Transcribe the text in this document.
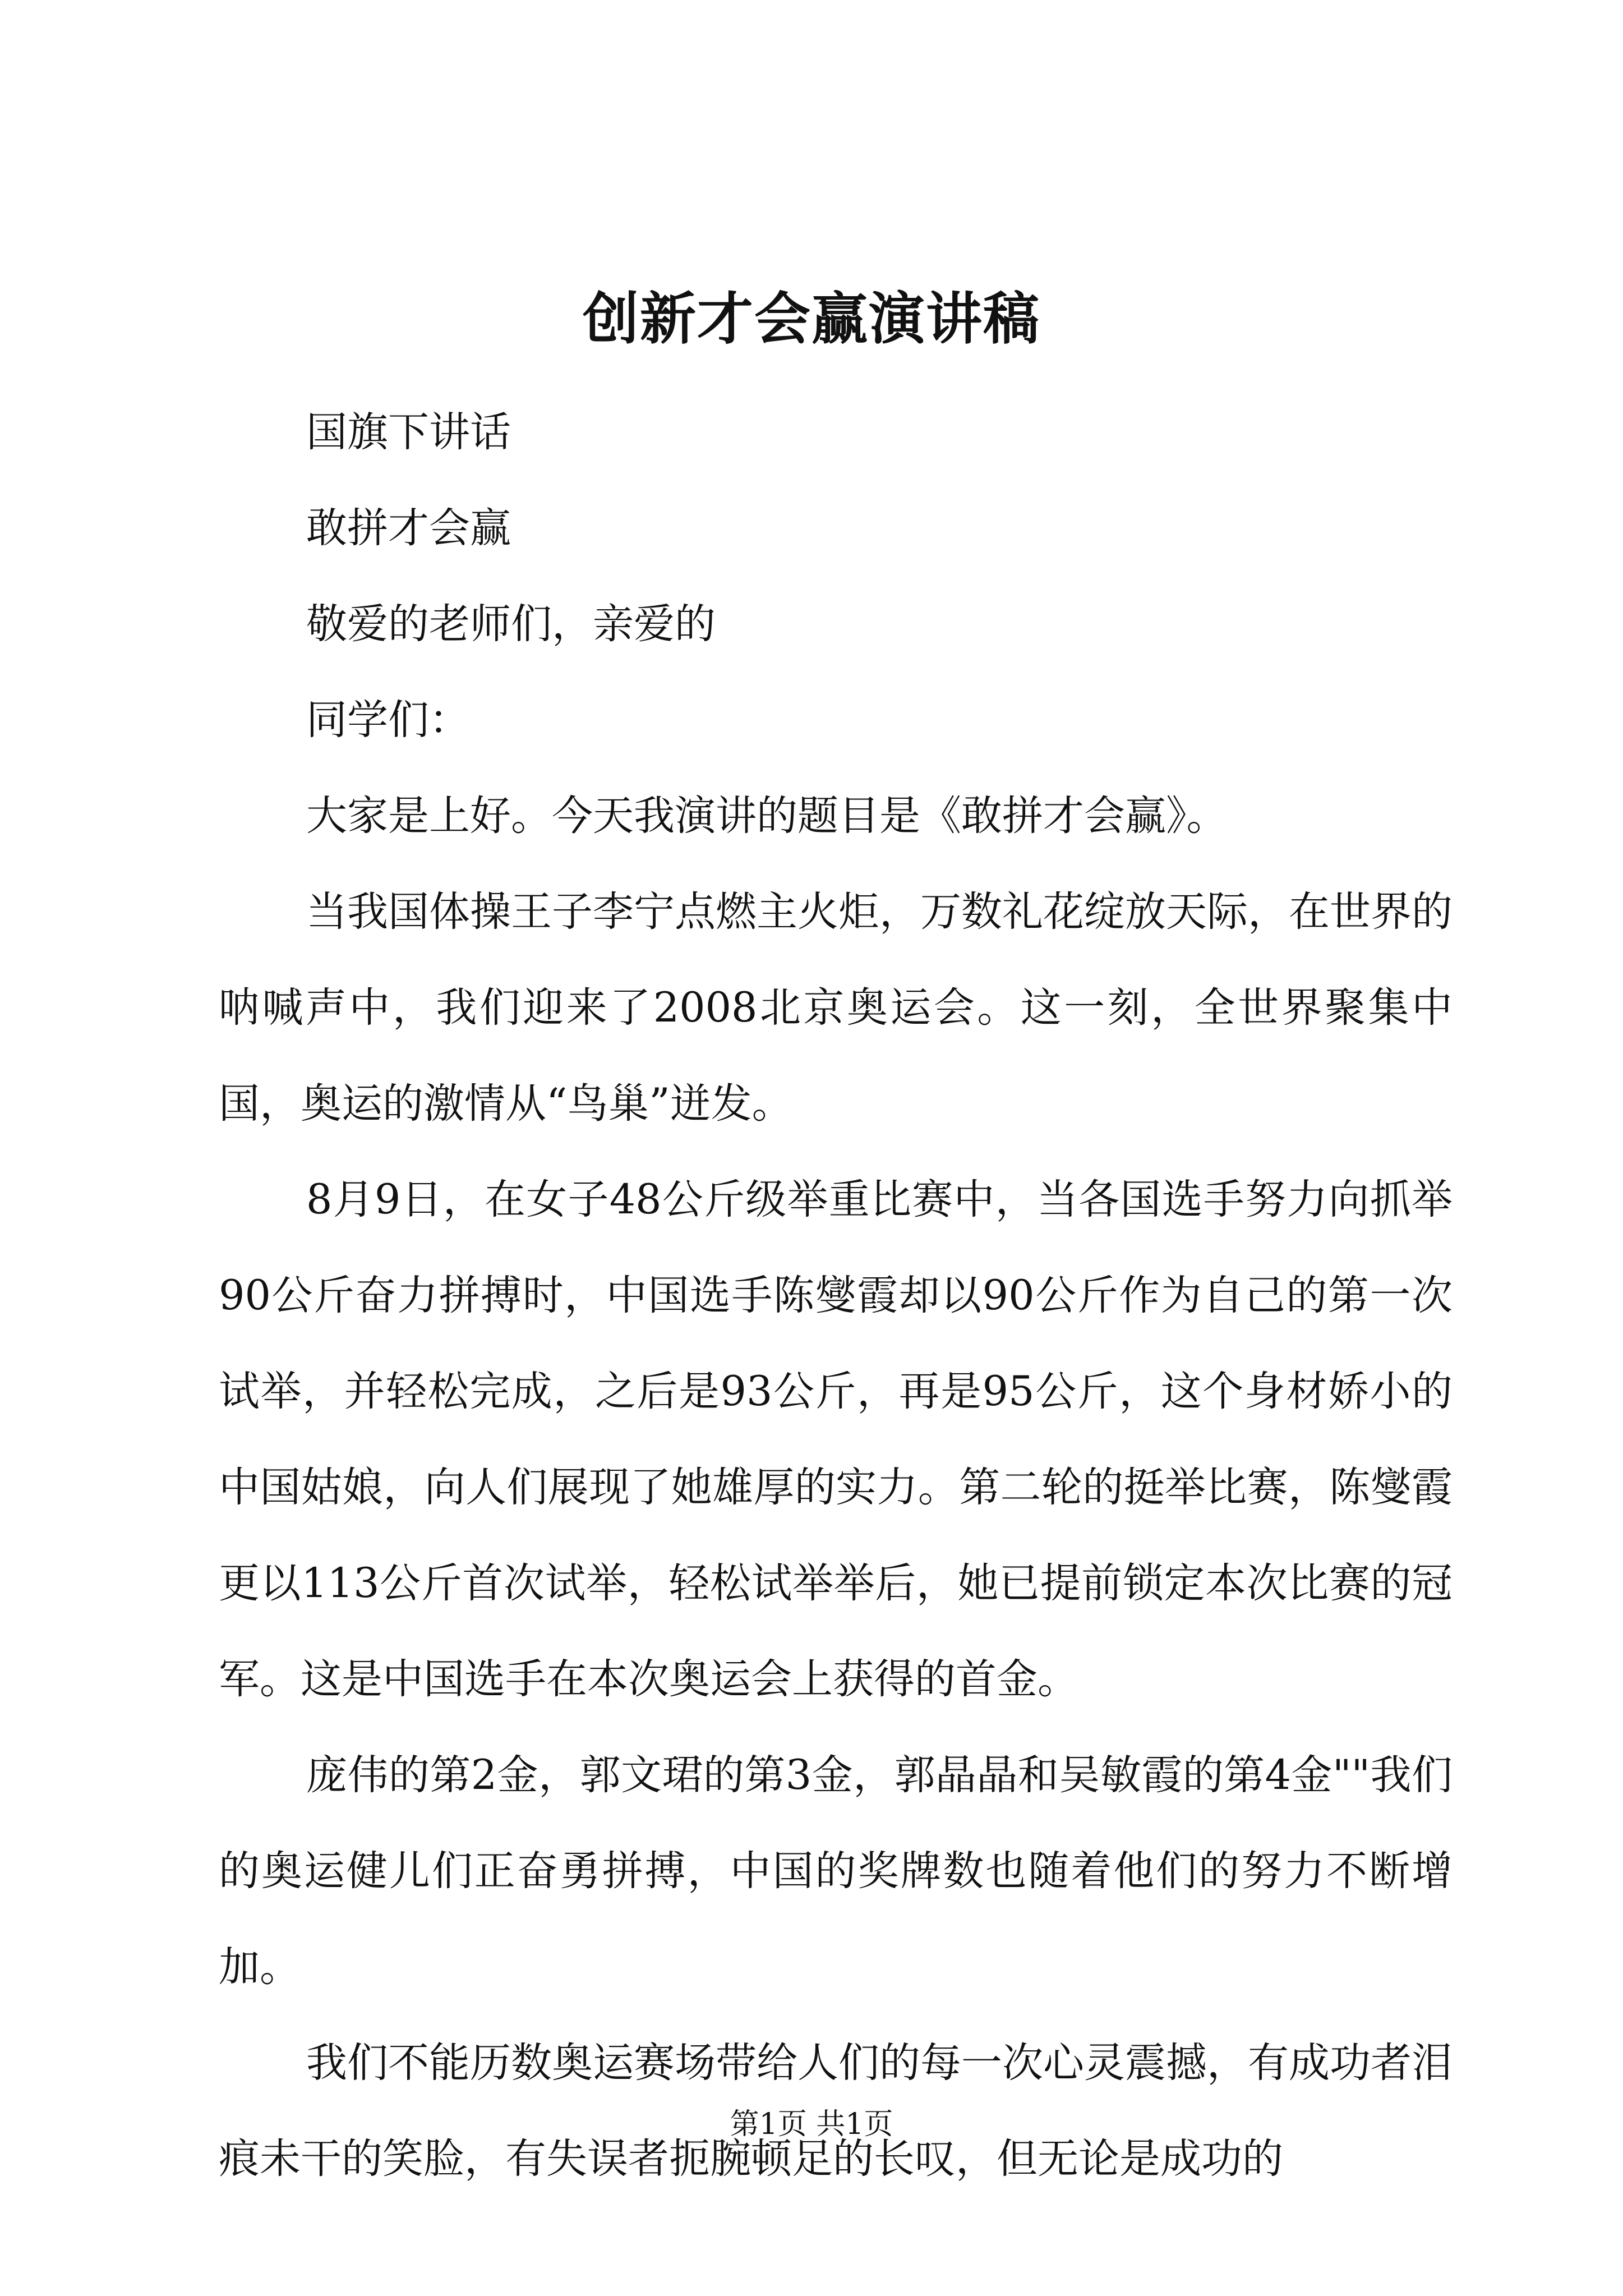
创新才会赢演讲稿

国旗下讲话

敢拼才会赢

敬爱的老师们，亲爱的

同学们：

大家是上好。今天我演讲的题目是《敢拼才会赢》。

当我国体操王子李宁点燃主火炬，万数礼花绽放天际，在世界的呐喊声中，我们迎来了2008北京奥运会。这一刻，全世界聚集中国，奥运的激情从“鸟巢”迸发。

8月9日，在女子48公斤级举重比赛中，当各国选手努力向抓举90公斤奋力拼搏时，中国选手陈燮霞却以90公斤作为自己的第一次试举，并轻松完成，之后是93公斤，再是95公斤，这个身材娇小的中国姑娘，向人们展现了她雄厚的实力。第二轮的挺举比赛，陈燮霞更以113公斤首次试举，轻松试举举后，她已提前锁定本次比赛的冠军。这是中国选手在本次奥运会上获得的首金。

庞伟的第2金，郭文珺的第3金，郭晶晶和吴敏霞的第4金""我们的奥运健儿们正奋勇拼搏，中国的奖牌数也随着他们的努力不断增加。

我们不能历数奥运赛场带给人们的每一次心灵震撼，有成功者泪痕未干的笑脸，有失误者扼腕顿足的长叹，但无论是成功的

第1页 共1页
